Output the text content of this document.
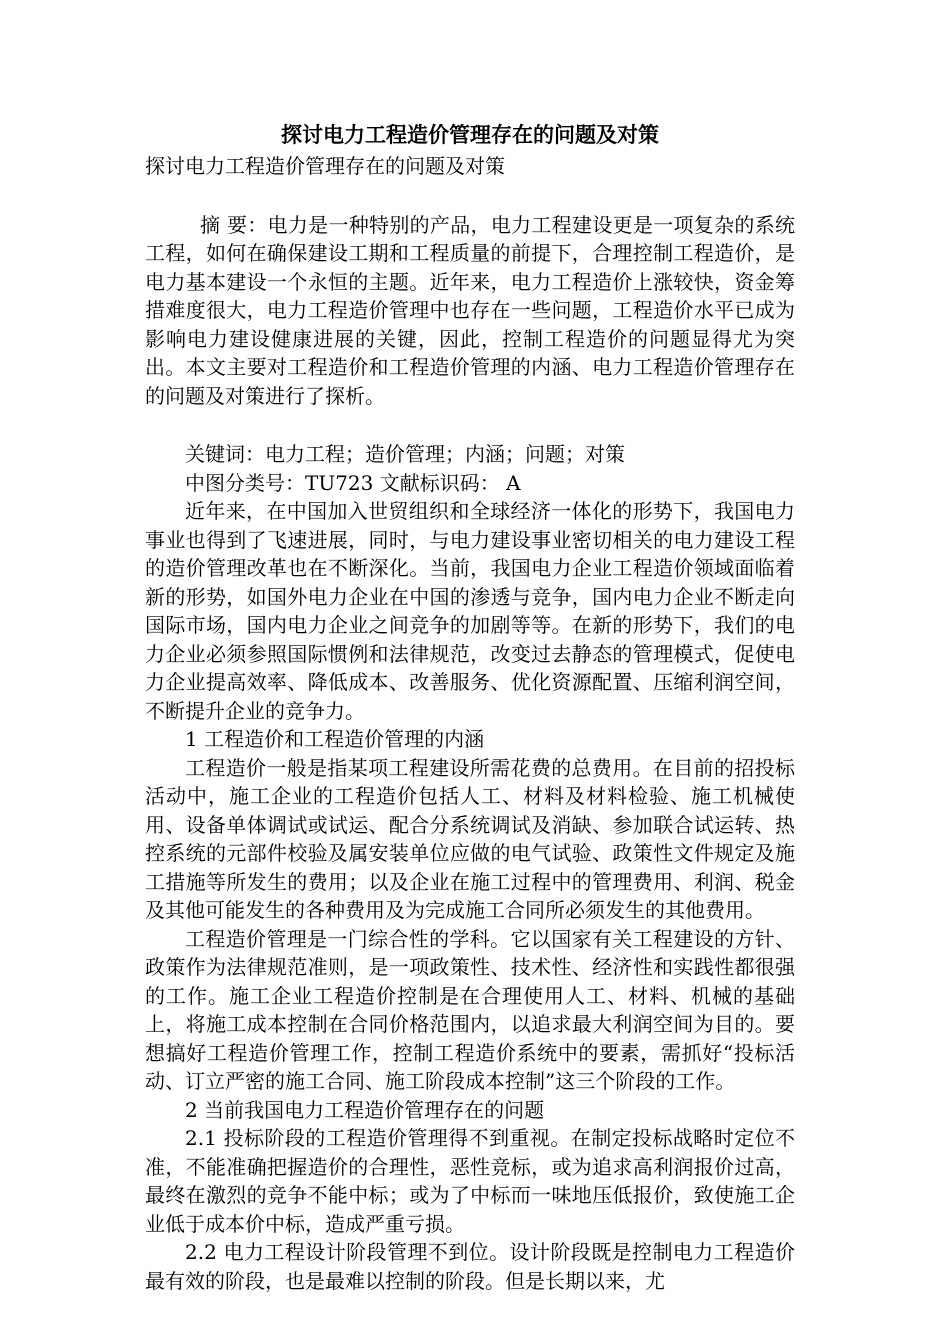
探讨电力工程造价管理存在的问题及对策

探讨电力工程造价管理存在的问题及对策

摘 要：电力是一种特别的产品，电力工程建设更是一项复杂的系统工程，如何在确保建设工期和工程质量的前提下，合理控制工程造价，是电力基本建设一个永恒的主题。近年来，电力工程造价上涨较快，资金筹措难度很大，电力工程造价管理中也存在一些问题，工程造价水平已成为影响电力建设健康进展的关键，因此，控制工程造价的问题显得尤为突出。本文主要对工程造价和工程造价管理的内涵、电力工程造价管理存在的问题及对策进行了探析。

关键词：电力工程；造价管理；内涵；问题；对策

中图分类号：TU723 文献标识码： A

近年来，在中国加入世贸组织和全球经济一体化的形势下，我国电力事业也得到了飞速进展，同时，与电力建设事业密切相关的电力建设工程的造价管理改革也在不断深化。当前，我国电力企业工程造价领域面临着新的形势，如国外电力企业在中国的渗透与竞争，国内电力企业不断走向国际市场，国内电力企业之间竞争的加剧等等。在新的形势下，我们的电力企业必须参照国际惯例和法律规范，改变过去静态的管理模式，促使电力企业提高效率、降低成本、改善服务、优化资源配置、压缩利润空间，不断提升企业的竞争力。

1 工程造价和工程造价管理的内涵

工程造价一般是指某项工程建设所需花费的总费用。在目前的招投标活动中，施工企业的工程造价包括人工、材料及材料检验、施工机械使用、设备单体调试或试运、配合分系统调试及消缺、参加联合试运转、热控系统的元部件校验及属安装单位应做的电气试验、政策性文件规定及施工措施等所发生的费用；以及企业在施工过程中的管理费用、利润、税金及其他可能发生的各种费用及为完成施工合同所必须发生的其他费用。

工程造价管理是一门综合性的学科。它以国家有关工程建设的方针、政策作为法律规范准则，是一项政策性、技术性、经济性和实践性都很强的工作。施工企业工程造价控制是在合理使用人工、材料、机械的基础上，将施工成本控制在合同价格范围内，以追求最大利润空间为目的。要想搞好工程造价管理工作，控制工程造价系统中的要素，需抓好“投标活动、订立严密的施工合同、施工阶段成本控制”这三个阶段的工作。

2 当前我国电力工程造价管理存在的问题

2.1 投标阶段的工程造价管理得不到重视。在制定投标战略时定位不准，不能准确把握造价的合理性，恶性竞标，或为追求高利润报价过高，最终在激烈的竞争不能中标；或为了中标而一味地压低报价，致使施工企业低于成本价中标，造成严重亏损。

2.2 电力工程设计阶段管理不到位。设计阶段既是控制电力工程造价最有效的阶段，也是最难以控制的阶段。但是长期以来，尤
